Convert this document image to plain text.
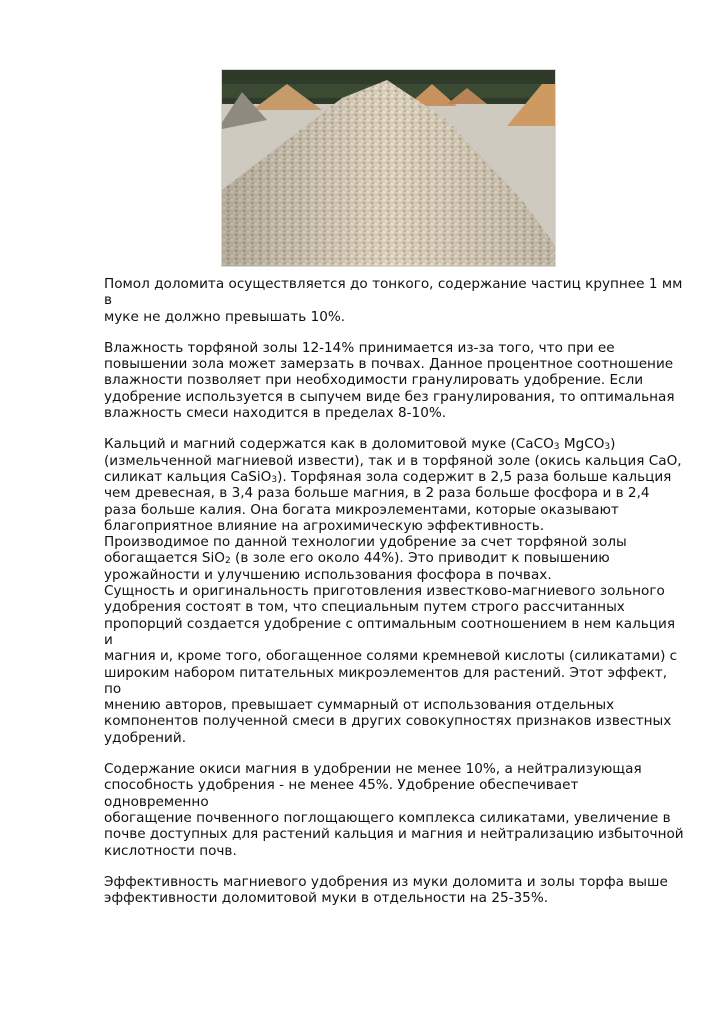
Помол доломита осуществляется до тонкого, содержание частиц крупнее 1 мм в
муке не должно превышать 10%.

Влажность торфяной золы 12-14% принимается из-за того, что при ее
повышении зола может замерзать в почвах. Данное процентное соотношение
влажности позволяет при необходимости гранулировать удобрение. Если
удобрение используется в сыпучем виде без гранулирования, то оптимальная
влажность смеси находится в пределах 8-10%.

Кальций и магний содержатся как в доломитовой муке (CaCO$_3$ MgCO$_3$)
(измельченной магниевой извести), так и в торфяной золе (окись кальция CaO,
силикат кальция CaSiO$_3$). Торфяная зола содержит в 2,5 раза больше кальция
чем древесная, в 3,4 раза больше магния, в 2 раза больше фосфора и в 2,4
раза больше калия. Она богата микроэлементами, которые оказывают
благоприятное влияние на агрохимическую эффективность.

Производимое по данной технологии удобрение за счет торфяной золы
обогащается SiO$_2$ (в золе его около 44%). Это приводит к повышению
урожайности и улучшению использования фосфора в почвах.

Сущность и оригинальность приготовления известково-магниевого зольного
удобрения состоят в том, что специальным путем строго рассчитанных
пропорций создается удобрение с оптимальным соотношением в нем кальция и
магния и, кроме того, обогащенное солями кремневой кислоты (силикатами) с
широким набором питательных микроэлементов для растений. Этот эффект, по
мнению авторов, превышает суммарный от использования отдельных
компонентов полученной смеси в других совокупностях признаков известных
удобрений.

Содержание окиси магния в удобрении не менее 10%, а нейтрализующая
способность удобрения - не менее 45%. Удобрение обеспечивает одновременно
обогащение почвенного поглощающего комплекса силикатами, увеличение в
почве доступных для растений кальция и магния и нейтрализацию избыточной
кислотности почв.

Эффективность магниевого удобрения из муки доломита и золы торфа выше
эффективности доломитовой муки в отдельности на 25-35%.
